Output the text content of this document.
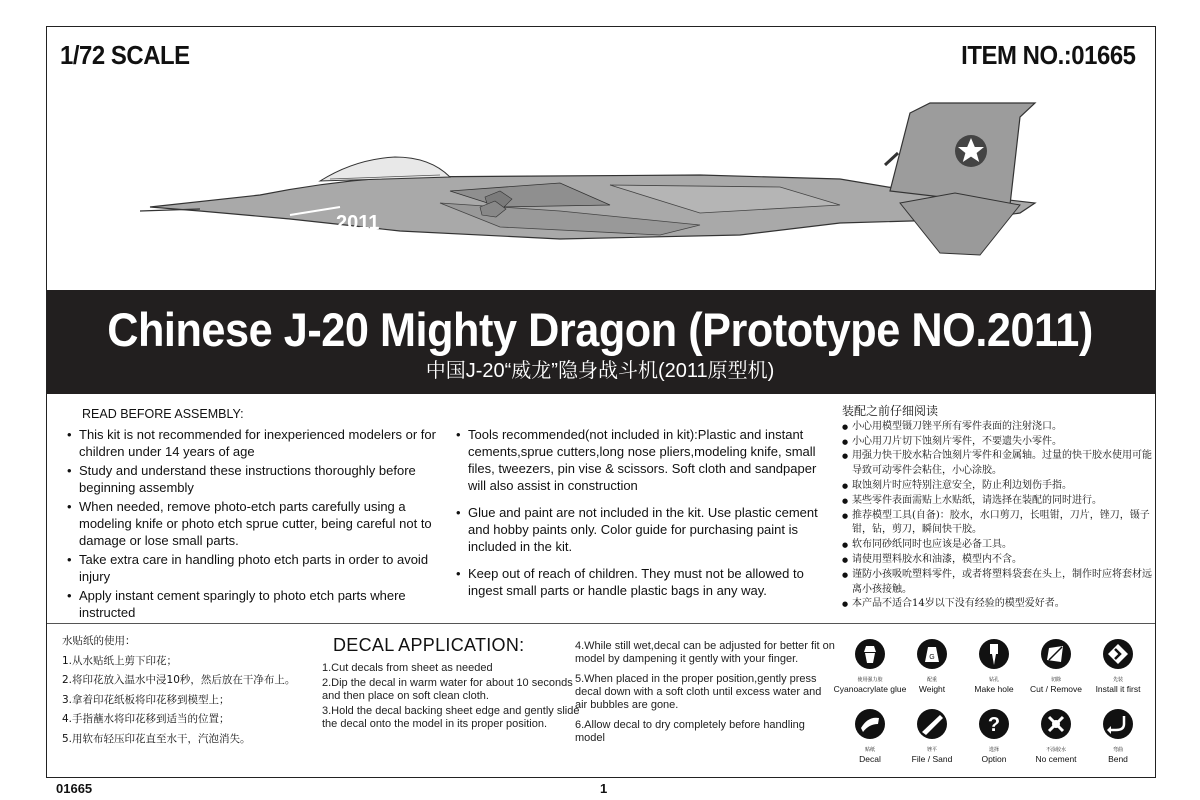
1/72 SCALE	ITEM NO.:01665
2011
Chinese J-20 Mighty Dragon (Prototype NO.2011)
中国J-20“威龙”隐身战斗机(2011原型机)
READ BEFORE ASSEMBLY:
• This kit is not recommended for inexperienced modelers or for children under 14 years of age
• Study and understand these instructions thoroughly before beginning assembly
• When needed, remove photo-etch parts carefully using a modeling knife or photo etch sprue cutter, being careful not to damage or lose small parts.
• Take extra care in handling photo etch parts in order to avoid injury
• Apply instant cement sparingly to photo etch parts where instructed
• Tools recommended(not included in kit):Plastic and instant cements,sprue cutters,long nose pliers,modeling knife, small files, tweezers, pin vise & scissors. Soft cloth and sandpaper will also assist in construction
• Glue and paint are not included in the kit. Use plastic cement and hobby paints only. Color guide for purchasing paint is included in the kit.
• Keep out of reach of children. They must not be allowed to ingest small parts or handle plastic bags in any way.
装配之前仔细阅读
● 小心用模型镊刀锉平所有零件表面的注射浇口。
● 小心用刀片切下蚀刻片零件，不要遗失小零件。
● 用强力快干胶水粘合蚀刻片零件和金属轴。过量的快干胶水使用可能导致可动零件会粘住，小心涂胶。
● 取蚀刻片时应特别注意安全，防止利边划伤手指。
● 某些零件表面需贴上水贴纸，请选择在装配的同时进行。
● 推荐模型工具(自备)：胶水，水口剪刀，长咀钳，刀片，锉刀，镊子钳，钻，剪刀，瞬间快干胶。
● 软布同砂纸同时也应该是必备工具。
● 请使用塑料胶水和油漆，模型内不含。
● 谨防小孩吸吮塑料零件，或者将塑料袋套在头上，制作时应将套材远离小孩接触。
● 本产品不适合14岁以下没有经验的模型爱好者。
水贴纸的使用：
1.从水贴纸上剪下印花；
2.将印花放入温水中浸10秒，然后放在干净布上。
3.拿着印花纸板将印花移到模型上；
4.手指蘸水将印花移到适当的位置；
5.用软布轻压印花直至水干，汽泡消失。
DECAL APPLICATION:
1.Cut decals from sheet as needed
2.Dip the decal in warm water for about 10 seconds and then place on soft clean cloth.
3.Hold the decal backing sheet edge and gently slide the decal onto the model in its proper position.
4.While still wet,decal can be adjusted for better fit on model by dampening it gently with your finger.
5.When placed in the proper position,gently press decal down with a soft cloth until excess water and air bubbles are gone.
6.Allow decal to dry completely before handling model
使用强力胶
Cyanoacrylate glue
G
配重
Weight
钻孔
Make hole
切除
Cut / Remove
先装
Install it first
贴纸
Decal
锉平
File / Sand
?
选择
Option
不涂胶水
No cement
弯曲
Bend
01665	1
